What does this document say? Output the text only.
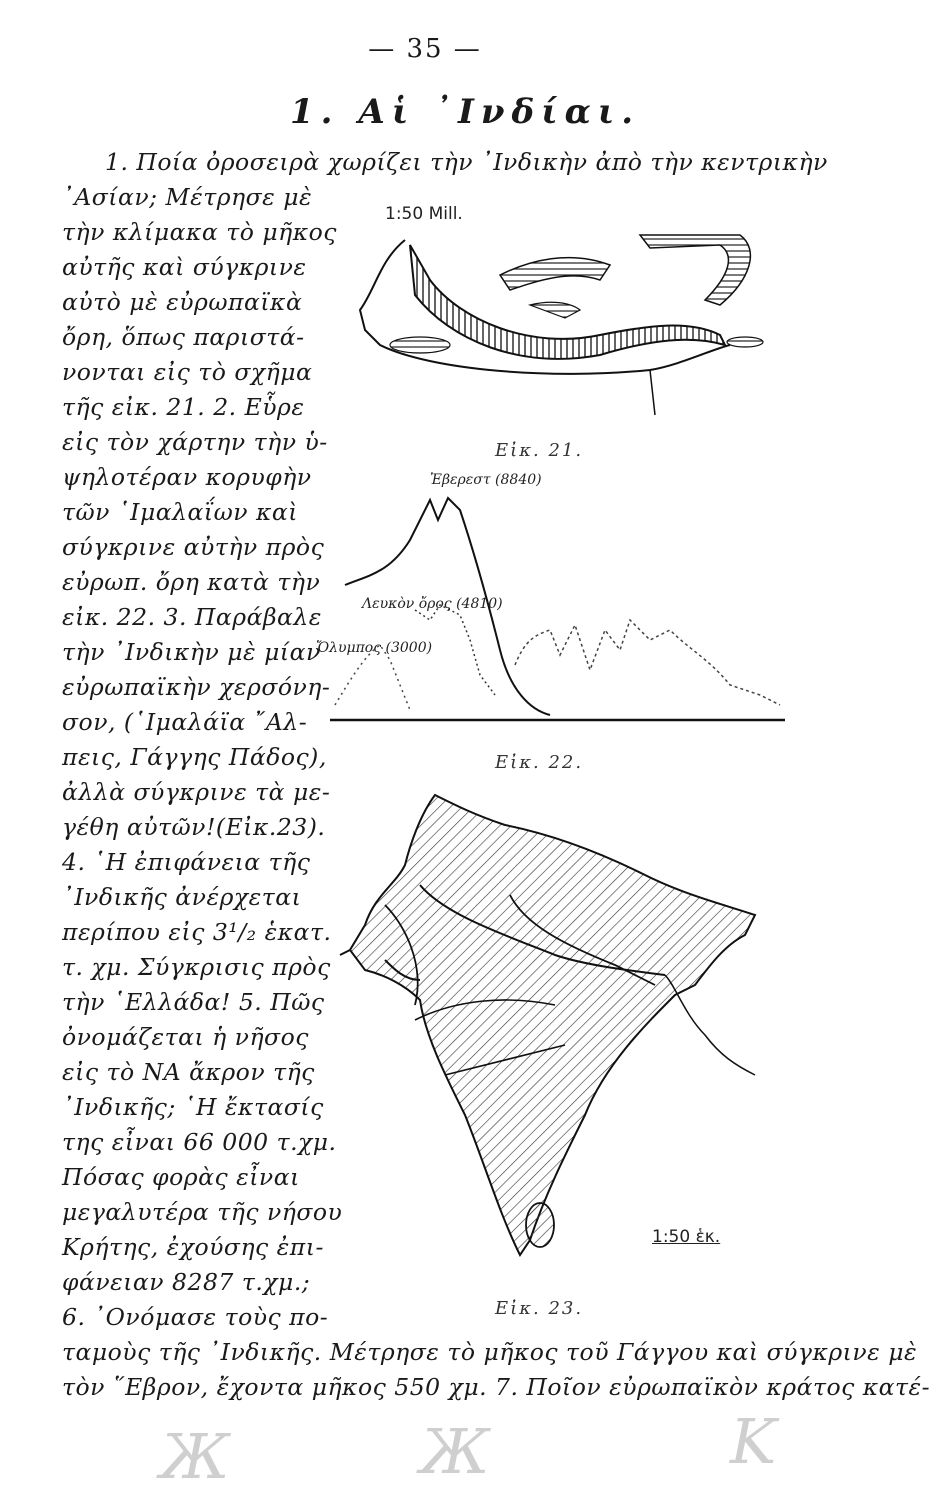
— 35 —
1. Αἱ ᾿Ινδίαι.
1. Ποία ὀροσειρὰ χωρίζει τὴν ᾿Ινδικὴν ἀπὸ τὴν κεντρικὴν
᾿Ασίαν; Μέτρησε μὲ
τὴν κλίμακα τὸ μῆκος
αὐτῆς καὶ σύγκρινε
αὐτὸ μὲ εὐρωπαϊκὰ
ὄρη, ὅπως παριστά-
νονται εἰς τὸ σχῆμα
τῆς εἰκ. 21. 2. Εὗρε
εἰς τὸν χάρτην τὴν ὑ-
ψηλοτέραν κορυφὴν
τῶν ῾Ιμαλαΐων καὶ
σύγκρινε αὐτὴν πρὸς
εὐρωπ. ὄρη κατὰ τὴν
εἰκ. 22. 3. Παράβαλε
τὴν ᾿Ινδικὴν μὲ μίαν
εὐρωπαϊκὴν χερσόνη-
σον, (῾Ιμαλάϊα ῎Αλ-
πεις, Γάγγης Πάδος),
ἀλλὰ σύγκρινε τὰ με-
γέθη αὐτῶν!(Εἰκ.23).
4. ῾Η ἐπιφάνεια τῆς
᾿Ινδικῆς ἀνέρχεται
περίπου εἰς 3¹/₂ ἑκατ.
τ. χμ. Σύγκρισις πρὸς
τὴν ῾Ελλάδα! 5. Πῶς
ὀνομάζεται ἡ νῆσος
εἰς τὸ ΝΑ ἄκρον τῆς
᾿Ινδικῆς; ῾Η ἔκτασίς
της εἶναι 66 000 τ.χμ.
Πόσας φορὰς εἶναι
μεγαλυτέρα τῆς νήσου
Κρήτης, ἐχούσης ἐπι-
φάνειαν 8287 τ.χμ.;
6. ᾿Ονόμασε τοὺς πο-
ταμοὺς τῆς ᾿Ινδικῆς. Μέτρησε τὸ μῆκος τοῦ Γάγγου καὶ σύγκρινε μὲ
τὸν ῞Εβρον, ἔχοντα μῆκος 550 χμ. 7. Ποῖον εὐρωπαϊκὸν κράτος κατέ-
1:50 Mill.
Εἰκ. 21.
Ἐβερεστ (8840)
Λευκὸν ὄρος (4810)
Ὄλυμπος (3000)
Εἰκ. 22.
1:50 ἑκ.
Εἰκ. 23.
Ж	Ж	K
